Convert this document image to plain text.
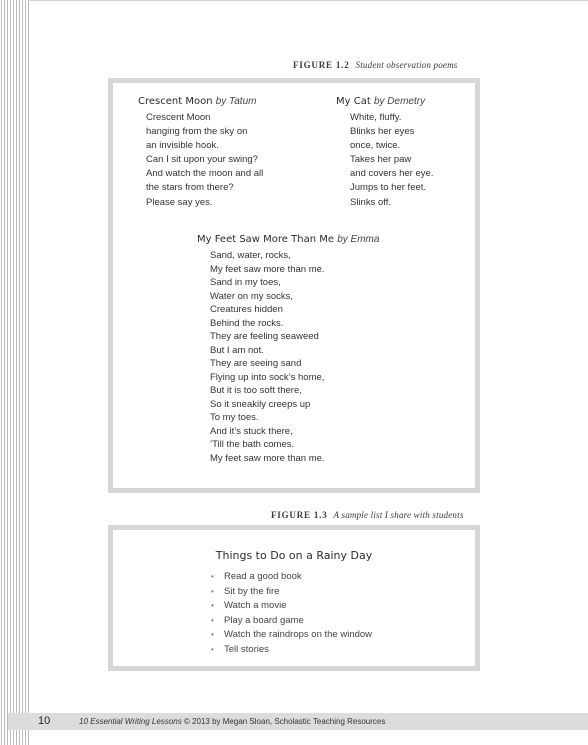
FIGURE 1.2 Student observation poems
Crescent Moon by Tatum
Crescent Moon
hanging from the sky on
an invisible hook.
Can I sit upon your swing?
And watch the moon and all
the stars from there?
Please say yes.
My Cat by Demetry
White, fluffy.
Blinks her eyes
once, twice.
Takes her paw
and covers her eye.
Jumps to her feet.
Slinks off.
My Feet Saw More Than Me by Emma
Sand, water, rocks,
My feet saw more than me.
Sand in my toes,
Water on my socks,
Creatures hidden
Behind the rocks.
They are feeling seaweed
But I am not.
They are seeing sand
Flying up into sock’s home,
But it is too soft there,
So it sneakily creeps up
To my toes.
And it’s stuck there,
’Till the bath comes.
My feet saw more than me.
FIGURE 1.3 A sample list I share with students
Things to Do on a Rainy Day
• Read a good book
• Sit by the fire
• Watch a movie
• Play a board game
• Watch the raindrops on the window
• Tell stories
10	10 Essential Writing Lessons © 2013 by Megan Sloan, Scholastic Teaching Resources
